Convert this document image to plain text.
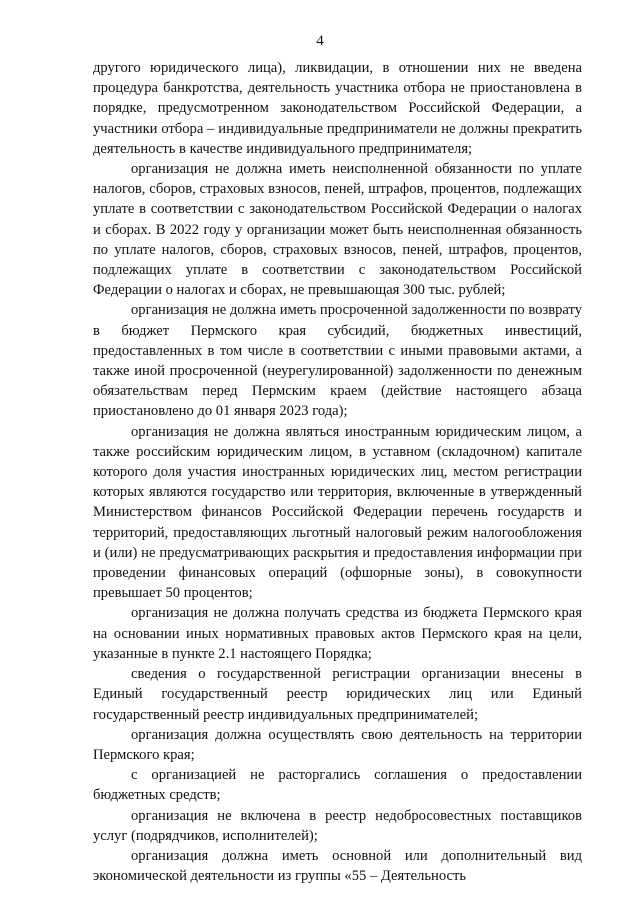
4

другого юридического лица), ликвидации, в отношении них не введена процедура банкротства, деятельность участника отбора не приостановлена в порядке, предусмотренном законодательством Российской Федерации, а участники отбора – индивидуальные предприниматели не должны прекратить деятельность в качестве индивидуального предпринимателя;

организация не должна иметь неисполненной обязанности по уплате налогов, сборов, страховых взносов, пеней, штрафов, процентов, подлежащих уплате в соответствии с законодательством Российской Федерации о налогах и сборах. В 2022 году у организации может быть неисполненная обязанность по уплате налогов, сборов, страховых взносов, пеней, штрафов, процентов, подлежащих уплате в соответствии с законодательством Российской Федерации о налогах и сборах, не превышающая 300 тыс. рублей;

организация не должна иметь просроченной задолженности по возврату в бюджет Пермского края субсидий, бюджетных инвестиций, предоставленных в том числе в соответствии с иными правовыми актами, а также иной просроченной (неурегулированной) задолженности по денежным обязательствам перед Пермским краем (действие настоящего абзаца приостановлено до 01 января 2023 года);

организация не должна являться иностранным юридическим лицом, а также российским юридическим лицом, в уставном (складочном) капитале которого доля участия иностранных юридических лиц, местом регистрации которых являются государство или территория, включенные в утвержденный Министерством финансов Российской Федерации перечень государств и территорий, предоставляющих льготный налоговый режим налогообложения и (или) не предусматривающих раскрытия и предоставления информации при проведении финансовых операций (офшорные зоны), в совокупности превышает 50 процентов;

организация не должна получать средства из бюджета Пермского края на основании иных нормативных правовых актов Пермского края на цели, указанные в пункте 2.1 настоящего Порядка;

сведения о государственной регистрации организации внесены в Единый государственный реестр юридических лиц или Единый государственный реестр индивидуальных предпринимателей;

организация должна осуществлять свою деятельность на территории Пермского края;

с организацией не расторгались соглашения о предоставлении бюджетных средств;

организация не включена в реестр недобросовестных поставщиков услуг (подрядчиков, исполнителей);

организация должна иметь основной или дополнительный вид экономической деятельности из группы «55 – Деятельность
